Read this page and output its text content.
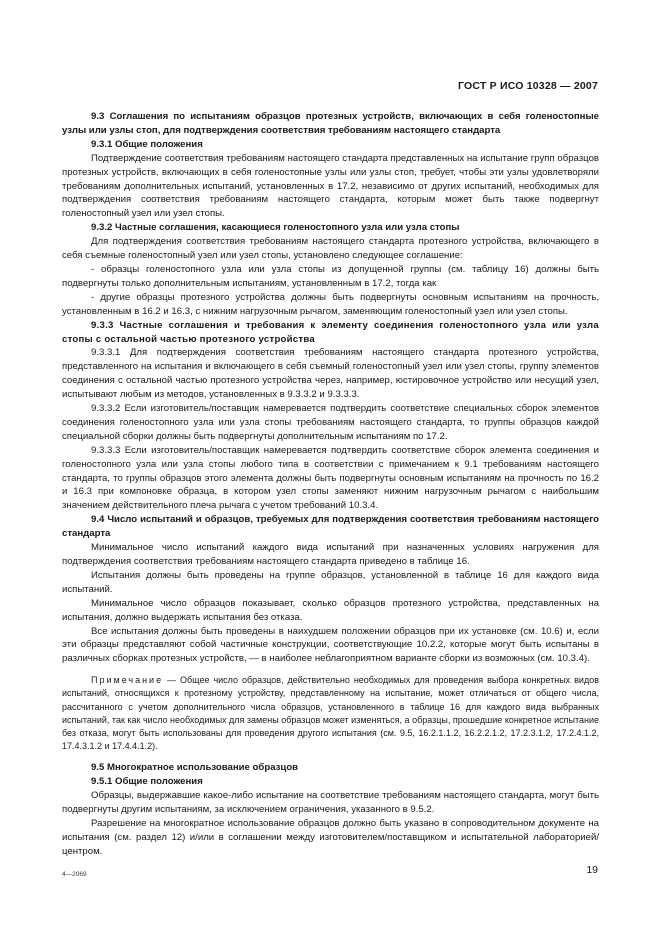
ГОСТ Р ИСО 10328 — 2007

9.3 Соглашения по испытаниям образцов протезных устройств, включающих в себя голеностопные узлы или узлы стоп, для подтверждения соответствия требованиям настоящего стандарта

9.3.1 Общие положения

Подтверждение соответствия требованиям настоящего стандарта представленных на испытание групп образцов протезных устройств, включающих в себя голеностопные узлы или узлы стоп, требует, чтобы эти узлы удовлетворяли требованиям дополнительных испытаний, установленных в 17.2, независимо от других испытаний, необходимых для подтверждения соответствия требованиям настоящего стандарта, которым может быть также подвергнут голеностопный узел или узел стопы.

9.3.2 Частные соглашения, касающиеся голеностопного узла или узла стопы

Для подтверждения соответствия требованиям настоящего стандарта протезного устройства, включающего в себя съемные голеностопный узел или узел стопы, установлено следующее соглашение:

- образцы голеностопного узла или узла стопы из допущенной группы (см. таблицу 16) должны быть подвергнуты только дополнительным испытаниям, установленным в 17.2, тогда как

- другие образцы протезного устройства должны быть подвергнуты основным испытаниям на прочность, установленным в 16.2 и 16.3, с нижним нагрузочным рычагом, заменяющим голеностопный узел или узел стопы.

9.3.3 Частные соглашения и требования к элементу соединения голеностопного узла или узла стопы с остальной частью протезного устройства

9.3.3.1 Для подтверждения соответствия требованиям настоящего стандарта протезного устройства, представленного на испытания и включающего в себя съемный голеностопный узел или узел стопы, группу элементов соединения с остальной частью протезного устройства через, например, юстировочное устройство или несущий узел, испытывают любым из методов, установленных в 9.3.3.2 и 9.3.3.3.

9.3.3.2 Если изготовитель/поставщик намеревается подтвердить соответствие специальных сборок элементов соединения голеностопного узла или узла стопы требованиям настоящего стандарта, то группы образцов каждой специальной сборки должны быть подвергнуты дополнительным испытаниям по 17.2.

9.3.3.3 Если изготовитель/поставщик намеревается подтвердить соответствие сборок элемента соединения и голеностопного узла или узла стопы любого типа в соответствии с примечанием к 9.1 требованиям настоящего стандарта, то группы образцов этого элемента должны быть подвергнуты основным испытаниям на прочность по 16.2 и 16.3 при компоновке образца, в котором узел стопы заменяют нижним нагрузочным рычагом с наибольшим значением действительного плеча рычага с учетом требований 10.3.4.

9.4 Число испытаний и образцов, требуемых для подтверждения соответствия требованиям настоящего стандарта

Минимальное число испытаний каждого вида испытаний при назначенных условиях нагружения для подтверждения соответствия требованиям настоящего стандарта приведено в таблице 16.

Испытания должны быть проведены на группе образцов, установленной в таблице 16 для каждого вида испытаний.

Минимальное число образцов показывает, сколько образцов протезного устройства, представленных на испытания, должно выдержать испытания без отказа.

Все испытания должны быть проведены в наихудшем положении образцов при их установке (см. 10.6) и, если эти образцы представляют собой частичные конструкции, соответствующие 10.2.2, которые могут быть испытаны в различных сборках протезных устройств, — в наиболее неблагоприятном варианте сборки из возможных (см. 10.3.4).

Примечание — Общее число образцов, действительно необходимых для проведения выбора конкретных видов испытаний, относящихся к протезному устройству, представленному на испытание, может отличаться от общего числа, рассчитанного с учетом дополнительного числа образцов, установленного в таблице 16 для каждого вида выбранных испытаний, так как число необходимых для замены образцов может изменяться, а образцы, прошедшие конкретное испытание без отказа, могут быть использованы для проведения другого испытания (см. 9.5, 16.2.1.1.2, 16.2.2.1.2, 17.2.3.1.2, 17.2.4.1.2, 17.4.3.1.2 и 17.4.4.1.2).

9.5 Многократное использование образцов

9.5.1 Общие положения

Образцы, выдержавшие какое-либо испытание на соответствие требованиям настоящего стандарта, могут быть подвергнуты другим испытаниям, за исключением ограничения, указанного в 9.5.2.

Разрешение на многократное использование образцов должно быть указано в сопроводительном документе на испытания (см. раздел 12) и/или в соглашении между изготовителем/поставщиком и испытательной лабораторией/центром.

4—2069	19
